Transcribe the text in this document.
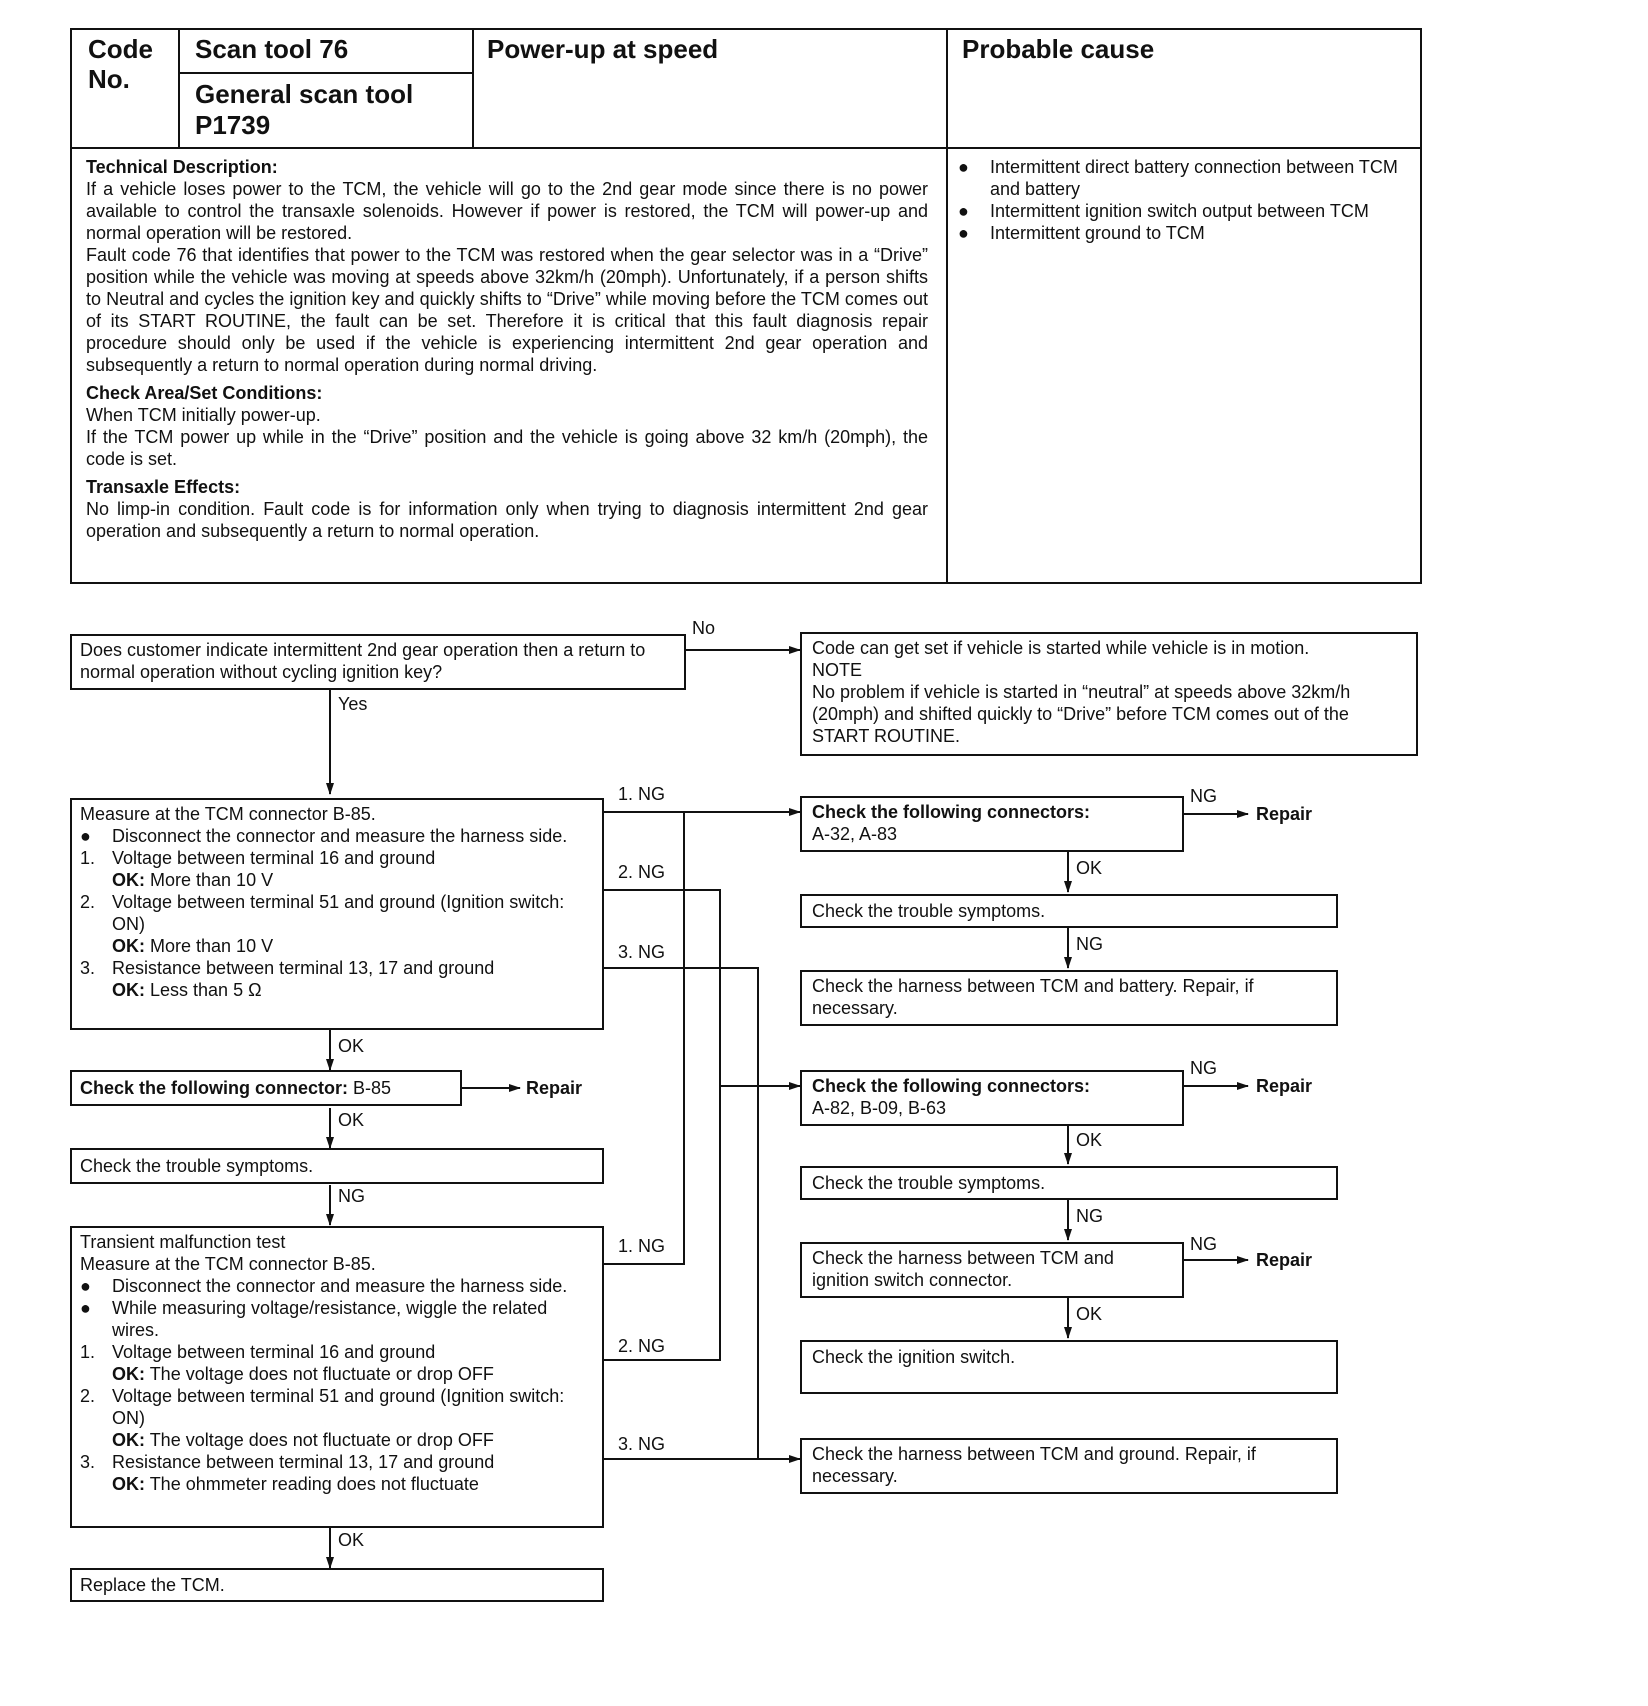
Code No.
Scan tool 76
General scan tool
P1739
Power-up at speed	Probable cause
Technical Description:
If a vehicle loses power to the TCM, the vehicle will go to the 2nd gear mode since there is no power available to control the transaxle solenoids. However if power is restored, the TCM will power-up and normal operation will be restored.
Fault code 76 that identifies that power to the TCM was restored when the gear selector was in a “Drive” position while the vehicle was moving at speeds above 32km/h (20mph). Unfortunately, if a person shifts to Neutral and cycles the ignition key and quickly shifts to “Drive” while moving before the TCM comes out of its START ROUTINE, the fault can be set. Therefore it is critical that this fault diagnosis repair procedure should only be used if the vehicle is experiencing intermittent 2nd gear operation and subsequently a return to normal operation during normal driving.
Check Area/Set Conditions:
When TCM initially power-up.
If the TCM power up while in the “Drive” position and the vehicle is going above 32 km/h (20mph), the code is set.
Transaxle Effects:
No limp-in condition. Fault code is for information only when trying to diagnosis intermittent 2nd gear operation and subsequently a return to normal operation.
●	Intermittent direct battery connection between TCM and battery
●	Intermittent ignition switch output between TCM
●	Intermittent ground to TCM
Does customer indicate intermittent 2nd gear operation then a return to normal operation without cycling ignition key?
No
Yes
Code can get set if vehicle is started while vehicle is in motion.
NOTE
No problem if vehicle is started in “neutral” at speeds above 32km/h (20mph) and shifted quickly to “Drive” before TCM comes out of the START ROUTINE.
Measure at the TCM connector B-85.
●	Disconnect the connector and measure the harness side.
1. Voltage between terminal 16 and ground
OK: More than 10 V
2. Voltage between terminal 51 and ground (Ignition switch: ON)
OK: More than 10 V
3. Resistance between terminal 13, 17 and ground
OK: Less than 5 Ω
1. NG
2. NG
3. NG
OK
Check the following connector: B-85	Repair
OK
Check the trouble symptoms.
NG
Transient malfunction test
Measure at the TCM connector B-85.
●	Disconnect the connector and measure the harness side.
●	While measuring voltage/resistance, wiggle the related wires.
1. Voltage between terminal 16 and ground
OK: The voltage does not fluctuate or drop OFF
2. Voltage between terminal 51 and ground (Ignition switch: ON)
OK: The voltage does not fluctuate or drop OFF
3. Resistance between terminal 13, 17 and ground
OK: The ohmmeter reading does not fluctuate
1. NG
2. NG
3. NG
OK
Replace the TCM.
Check the following connectors:
A-32, A-83
NG
Repair
OK
Check the trouble symptoms.
NG
Check the harness between TCM and battery. Repair, if necessary.
Check the following connectors:
A-82, B-09, B-63
NG
Repair
OK
Check the trouble symptoms.
NG
Check the harness between TCM and ignition switch connector.
NG
Repair
OK
Check the ignition switch.
Check the harness between TCM and ground. Repair, if necessary.
